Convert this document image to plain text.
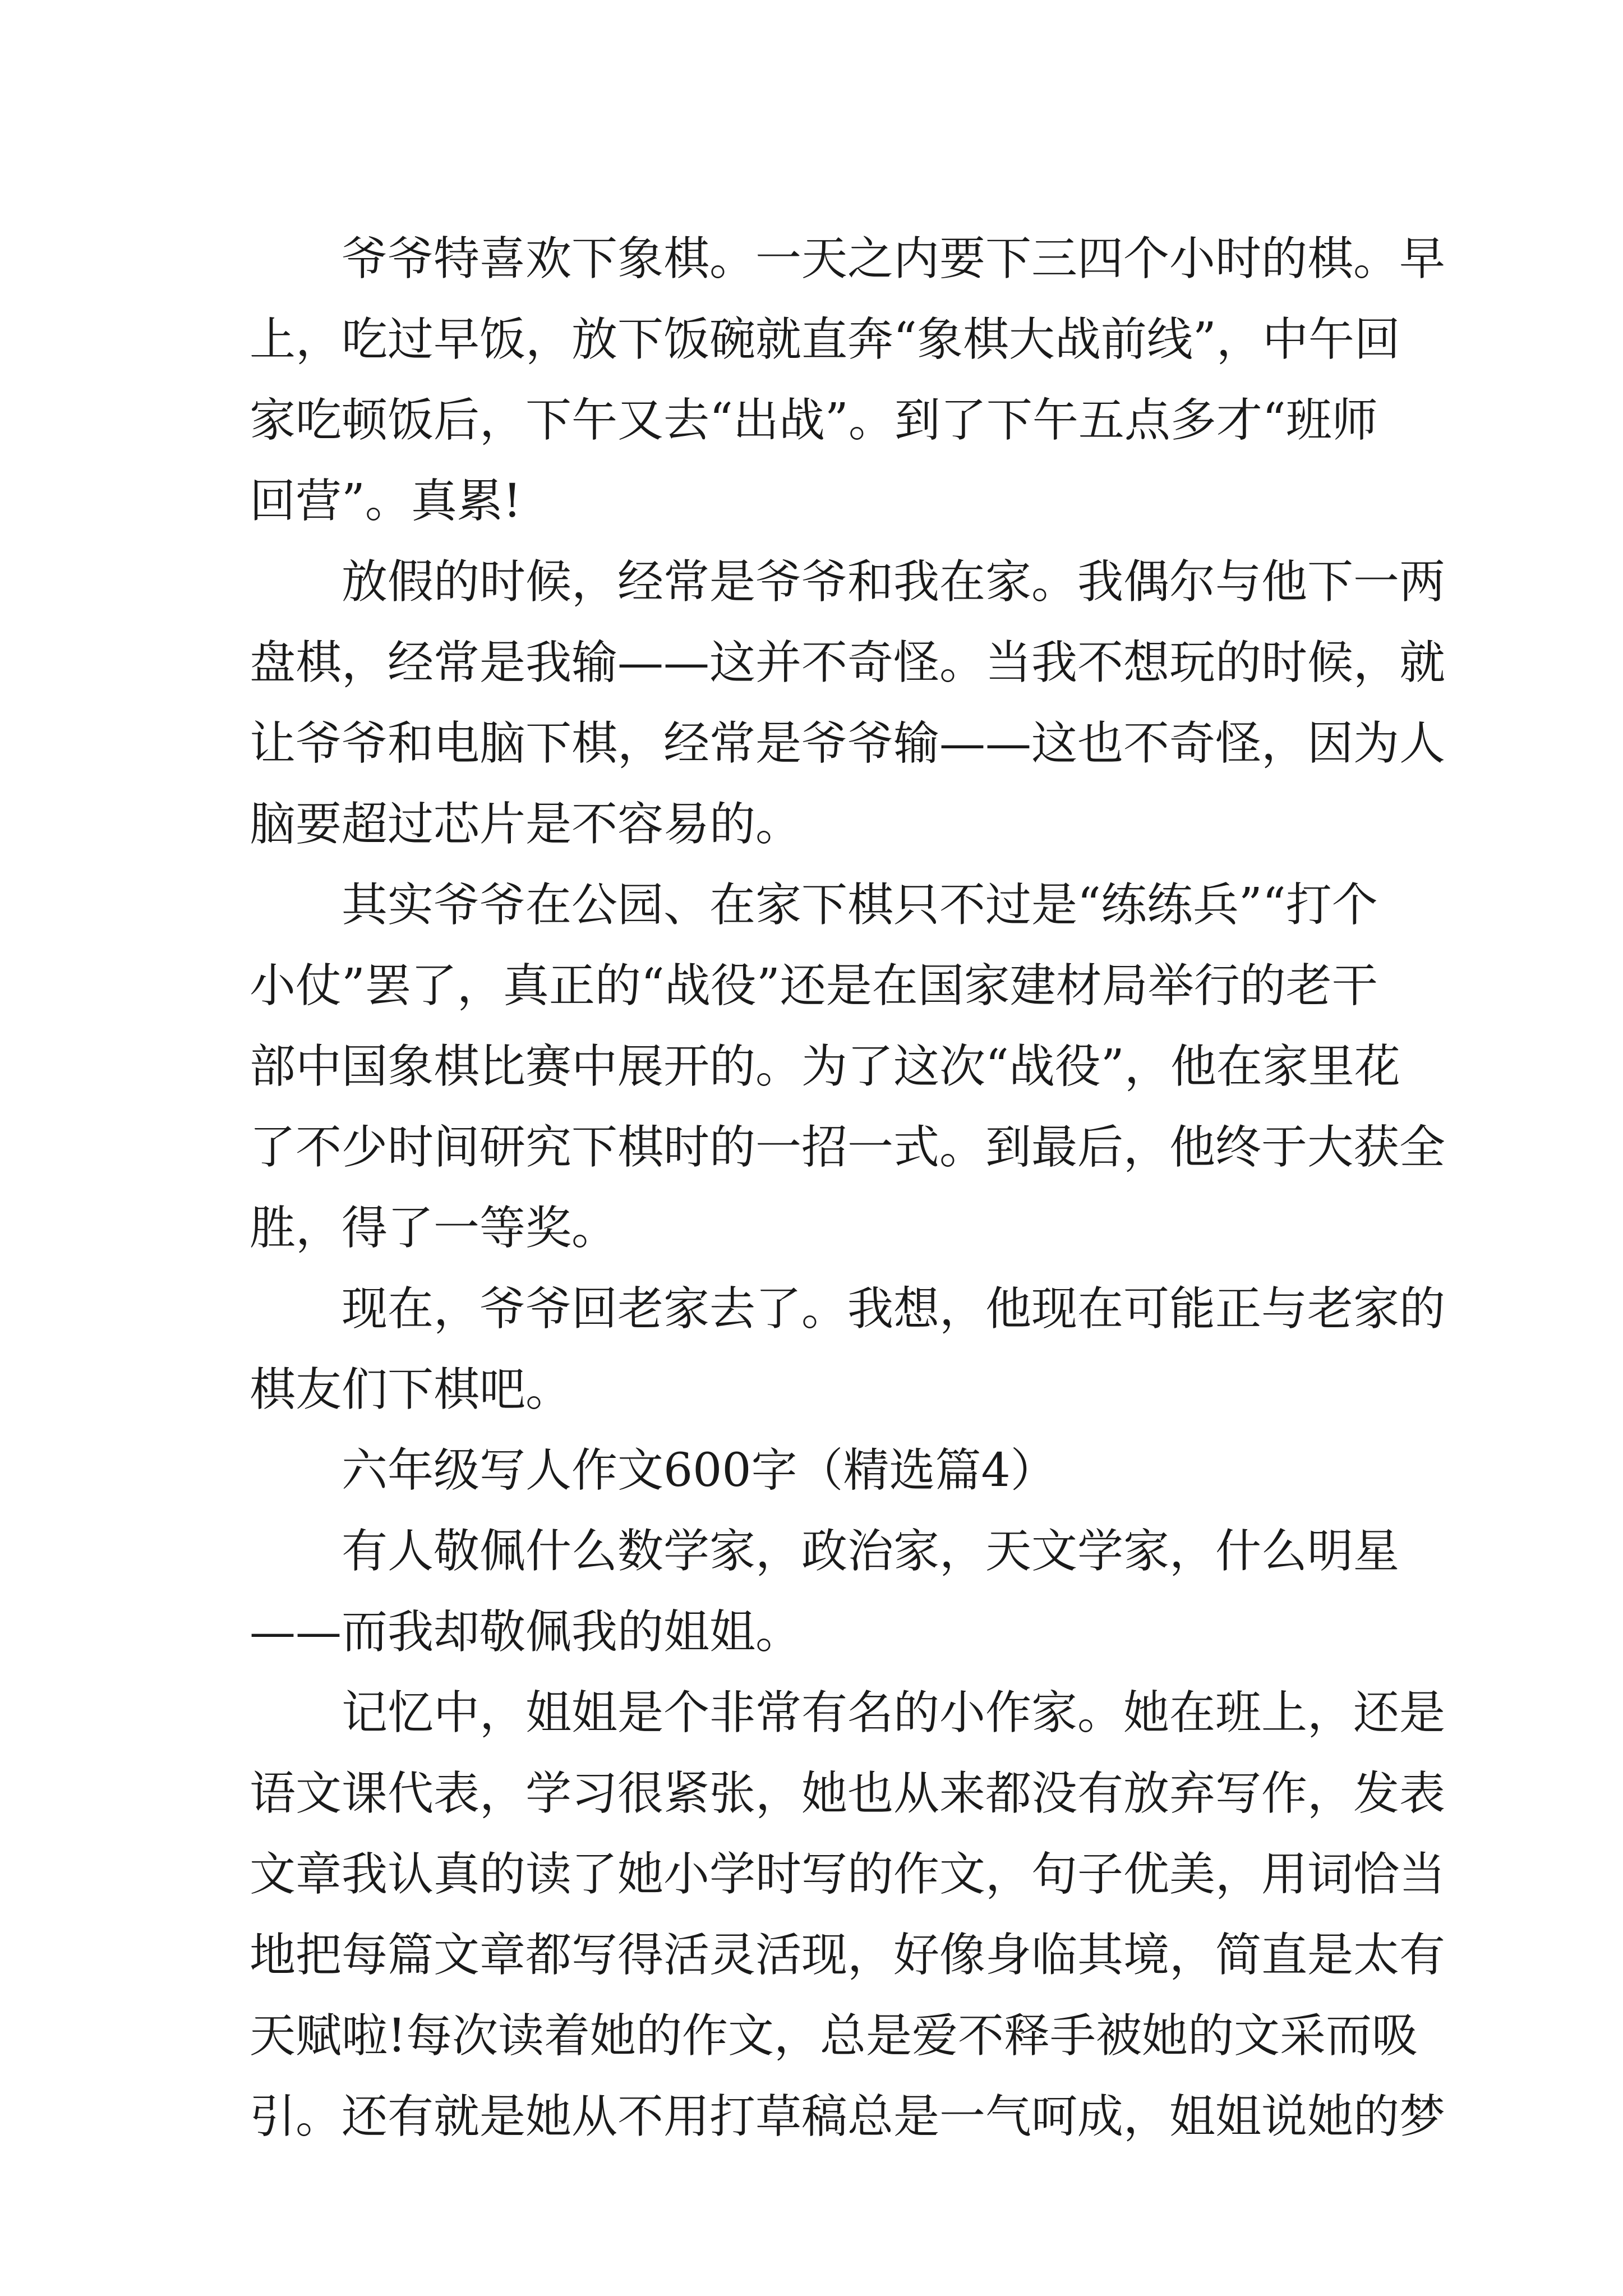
爷爷特喜欢下象棋。一天之内要下三四个小时的棋。早
上，吃过早饭，放下饭碗就直奔“象棋大战前线”，中午回
家吃顿饭后，下午又去“出战”。到了下午五点多才“班师
回营”。真累!
放假的时候，经常是爷爷和我在家。我偶尔与他下一两
盘棋，经常是我输——这并不奇怪。当我不想玩的时候，就
让爷爷和电脑下棋，经常是爷爷输——这也不奇怪，因为人
脑要超过芯片是不容易的。
其实爷爷在公园、在家下棋只不过是“练练兵”“打个
小仗”罢了，真正的“战役”还是在国家建材局举行的老干
部中国象棋比赛中展开的。为了这次“战役”，他在家里花
了不少时间研究下棋时的一招一式。到最后，他终于大获全
胜，得了一等奖。
现在，爷爷回老家去了。我想，他现在可能正与老家的
棋友们下棋吧。
六年级写人作文600字（精选篇4）
有人敬佩什么数学家，政治家，天文学家，什么明星
——而我却敬佩我的姐姐。
记忆中，姐姐是个非常有名的小作家。她在班上，还是
语文课代表，学习很紧张，她也从来都没有放弃写作，发表
文章我认真的读了她小学时写的作文，句子优美，用词恰当
地把每篇文章都写得活灵活现，好像身临其境，简直是太有
天赋啦!每次读着她的作文，总是爱不释手被她的文采而吸
引。还有就是她从不用打草稿总是一气呵成，姐姐说她的梦
